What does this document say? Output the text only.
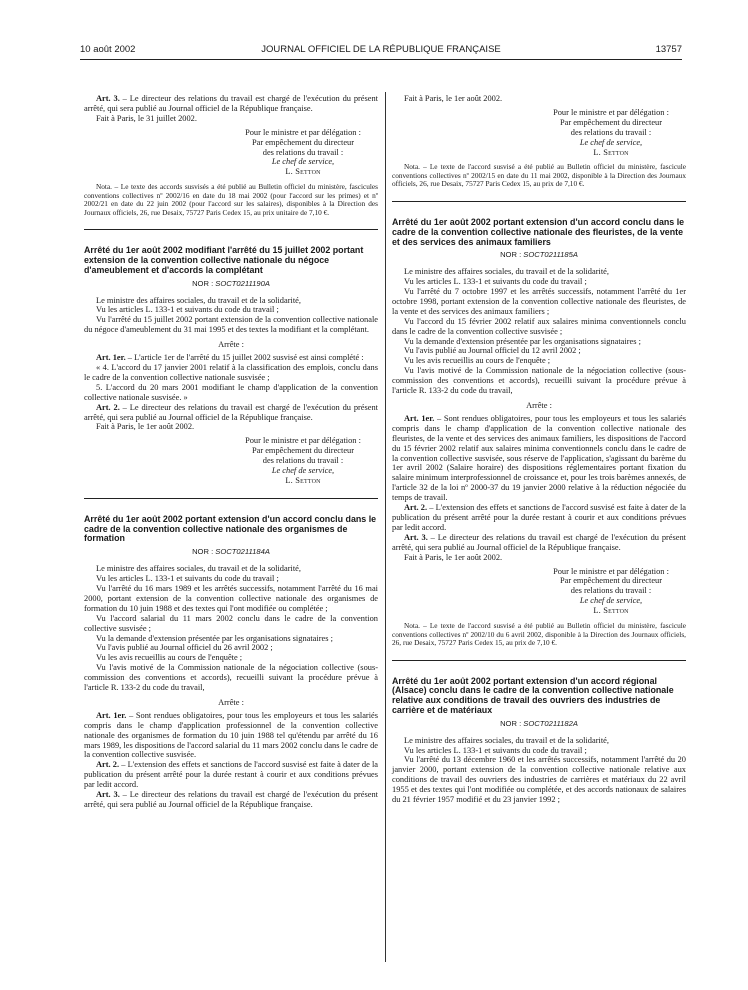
10 août 2002	JOURNAL OFFICIEL DE LA RÉPUBLIQUE FRANÇAISE	13757

Art. 3. – Le directeur des relations du travail est chargé de l'exécution du présent arrêté, qui sera publié au Journal officiel de la République française.

Fait à Paris, le 31 juillet 2002.

Pour le ministre et par délégation :
Par empêchement du directeur
des relations du travail :
Le chef de service,
L. Setton

Nota. – Le texte des accords susvisés a été publié au Bulletin officiel du ministère, fascicules conventions collectives nº 2002/16 en date du 18 mai 2002 (pour l'accord sur les primes) et nº 2002/21 en date du 22 juin 2002 (pour l'accord sur les salaires), disponibles à la Direction des Journaux officiels, 26, rue Desaix, 75727 Paris Cedex 15, au prix unitaire de 7,10 €.

Arrêté du 1er août 2002 modifiant l'arrêté du 15 juillet 2002 portant extension de la convention collective nationale du négoce d'ameublement et d'accords la complétant
NOR : SOCT0211190A

Le ministre des affaires sociales, du travail et de la solidarité,

Vu les articles L. 133-1 et suivants du code du travail ;

Vu l'arrêté du 15 juillet 2002 portant extension de la convention collective nationale du négoce d'ameublement du 31 mai 1995 et des textes la modifiant et la complétant.

Arrête :

Art. 1er. – L'article 1er de l'arrêté du 15 juillet 2002 susvisé est ainsi complété :

« 4. L'accord du 17 janvier 2001 relatif à la classification des emplois, conclu dans le cadre de la convention collective nationale susvisée ;

5. L'accord du 20 mars 2001 modifiant le champ d'application de la convention collective nationale susvisée. »

Art. 2. – Le directeur des relations du travail est chargé de l'exécution du présent arrêté, qui sera publié au Journal officiel de la République française.

Fait à Paris, le 1er août 2002.

Pour le ministre et par délégation :
Par empêchement du directeur
des relations du travail :
Le chef de service,
L. Setton
Arrêté du 1er août 2002 portant extension d'un accord conclu dans le cadre de la convention collective nationale des organismes de formation
NOR : SOCT0211184A

Le ministre des affaires sociales, du travail et de la solidarité,

Vu les articles L. 133-1 et suivants du code du travail ;

Vu l'arrêté du 16 mars 1989 et les arrêtés successifs, notamment l'arrêté du 16 mai 2000, portant extension de la convention collective nationale des organismes de formation du 10 juin 1988 et des textes qui l'ont modifiée ou complétée ;

Vu l'accord salarial du 11 mars 2002 conclu dans le cadre de la convention collective susvisée ;

Vu la demande d'extension présentée par les organisations signataires ;

Vu l'avis publié au Journal officiel du 26 avril 2002 ;

Vu les avis recueillis au cours de l'enquête ;

Vu l'avis motivé de la Commission nationale de la négociation collective (sous-commission des conventions et accords), recueilli suivant la procédure prévue à l'article R. 133-2 du code du travail,

Arrête :

Art. 1er. – Sont rendues obligatoires, pour tous les employeurs et tous les salariés compris dans le champ d'application professionnel de la convention collective nationale des organismes de formation du 10 juin 1988 tel qu'étendu par arrêté du 16 mars 1989, les dispositions de l'accord salarial du 11 mars 2002 conclu dans le cadre de la convention collective susvisée.

Art. 2. – L'extension des effets et sanctions de l'accord susvisé est faite à dater de la publication du présent arrêté pour la durée restant à courir et aux conditions prévues par ledit accord.

Art. 3. – Le directeur des relations du travail est chargé de l'exécution du présent arrêté, qui sera publié au Journal officiel de la République française.

Fait à Paris, le 1er août 2002.

Pour le ministre et par délégation :
Par empêchement du directeur
des relations du travail :
Le chef de service,
L. Setton

Nota. – Le texte de l'accord susvisé a été publié au Bulletin officiel du ministère, fascicule conventions collectives nº 2002/15 en date du 11 mai 2002, disponible à la Direction des Journaux officiels, 26, rue Desaix, 75727 Paris Cedex 15, au prix de 7,10 €.

Arrêté du 1er août 2002 portant extension d'un accord conclu dans le cadre de la convention collective nationale des fleuristes, de la vente et des services des animaux familiers
NOR : SOCT0211185A

Le ministre des affaires sociales, du travail et de la solidarité,

Vu les articles L. 133-1 et suivants du code du travail ;

Vu l'arrêté du 7 octobre 1997 et les arrêtés successifs, notamment l'arrêté du 1er octobre 1998, portant extension de la convention collective nationale des fleuristes, de la vente et des services des animaux familiers ;

Vu l'accord du 15 février 2002 relatif aux salaires minima conventionnels conclu dans le cadre de la convention collective susvisée ;

Vu la demande d'extension présentée par les organisations signataires ;

Vu l'avis publié au Journal officiel du 12 avril 2002 ;

Vu les avis recueillis au cours de l'enquête ;

Vu l'avis motivé de la Commission nationale de la négociation collective (sous-commission des conventions et accords), recueilli suivant la procédure prévue à l'article R. 133-2 du code du travail,

Arrête :

Art. 1er. – Sont rendues obligatoires, pour tous les employeurs et tous les salariés compris dans le champ d'application de la convention collective nationale des fleuristes, de la vente et des services des animaux familiers, les dispositions de l'accord du 15 février 2002 relatif aux salaires minima conventionnels conclu dans le cadre de la convention collective susvisée, sous réserve de l'application, s'agissant du barème du 1er avril 2002 (Salaire horaire) des dispositions réglementaires portant fixation du salaire minimum interprofessionnel de croissance et, pour les trois barèmes annexés, de l'article 32 de la loi nº 2000-37 du 19 janvier 2000 relative à la réduction négociée du temps de travail.

Art. 2. – L'extension des effets et sanctions de l'accord susvisé est faite à dater de la publication du présent arrêté pour la durée restant à courir et aux conditions prévues par ledit accord.

Art. 3. – Le directeur des relations du travail est chargé de l'exécution du présent arrêté, qui sera publié au Journal officiel de la République française.

Fait à Paris, le 1er août 2002.

Pour le ministre et par délégation :
Par empêchement du directeur
des relations du travail :
Le chef de service,
L. Setton

Nota. – Le texte de l'accord susvisé a été publié au Bulletin officiel du ministère, fascicule conventions collectives nº 2002/10 du 6 avril 2002, disponible à la Direction des Journaux officiels, 26, rue Desaix, 75727 Paris Cedex 15, au prix de 7,10 €.

Arrêté du 1er août 2002 portant extension d'un accord régional (Alsace) conclu dans le cadre de la convention collective nationale relative aux conditions de travail des ouvriers des industries de carrière et de matériaux
NOR : SOCT0211182A

Le ministre des affaires sociales, du travail et de la solidarité,

Vu les articles L. 133-1 et suivants du code du travail ;

Vu l'arrêté du 13 décembre 1960 et les arrêtés successifs, notamment l'arrêté du 20 janvier 2000, portant extension de la convention collective nationale relative aux conditions de travail des ouvriers des industries de carrières et matériaux du 22 avril 1955 et des textes qui l'ont modifiée ou complétée, et des accords nationaux de salaires du 21 février 1957 modifié et du 23 janvier 1992 ;
